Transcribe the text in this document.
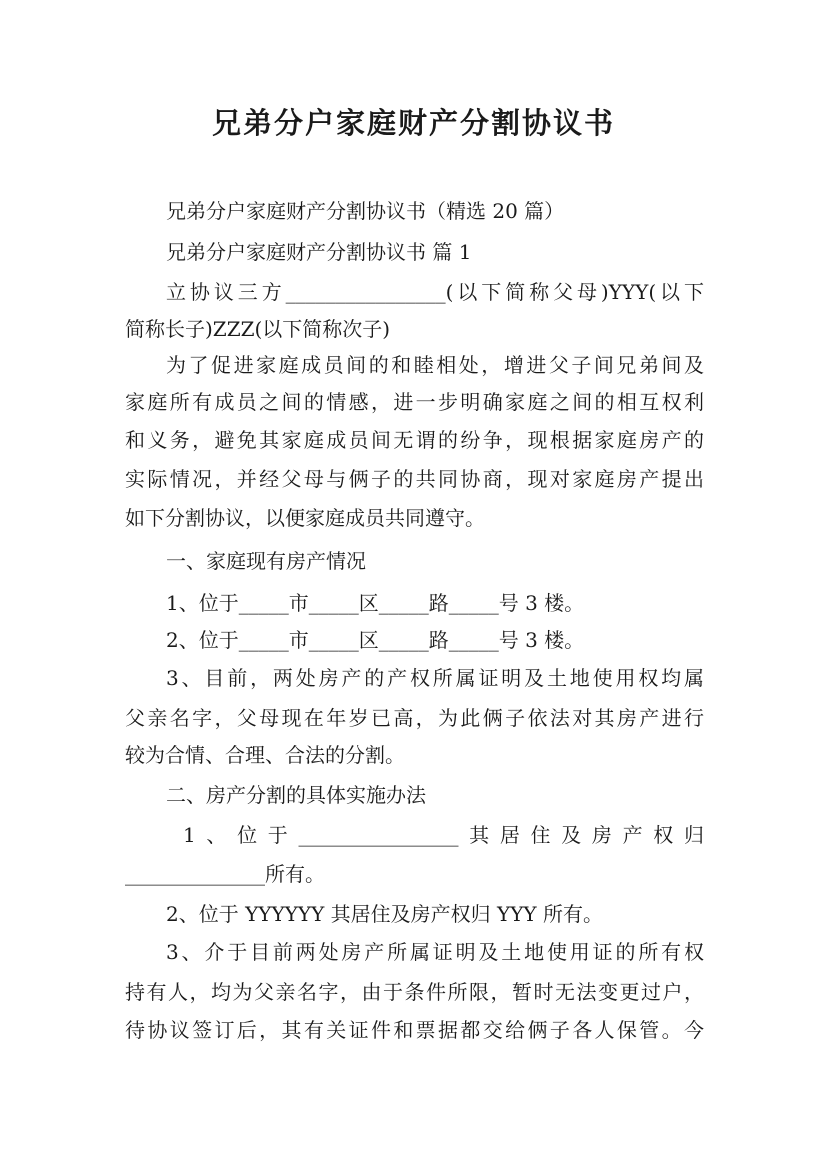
兄弟分户家庭财产分割协议书
兄弟分户家庭财产分割协议书（精选 20 篇）
兄弟分户家庭财产分割协议书 篇 1
立协议三方________________(以下简称父母)YYY(以下
简称长子)ZZZ(以下简称次子)
为了促进家庭成员间的和睦相处，增进父子间兄弟间及
家庭所有成员之间的情感，进一步明确家庭之间的相互权利
和义务，避免其家庭成员间无谓的纷争，现根据家庭房产的
实际情况，并经父母与俩子的共同协商，现对家庭房产提出
如下分割协议，以便家庭成员共同遵守。
一、家庭现有房产情况
1、位于_____市_____区_____路_____号 3 楼。
2、位于_____市_____区_____路_____号 3 楼。
3、目前，两处房产的产权所属证明及土地使用权均属
父亲名字，父母现在年岁已高，为此俩子依法对其房产进行
较为合情、合理、合法的分割。
二、房产分割的具体实施办法
1、位于________________其居住及房产权归
______________所有。
2、位于 YYYYYY 其居住及房产权归 YYY 所有。
3、介于目前两处房产所属证明及土地使用证的所有权
持有人，均为父亲名字，由于条件所限，暂时无法变更过户，
待协议签订后，其有关证件和票据都交给俩子各人保管。今
